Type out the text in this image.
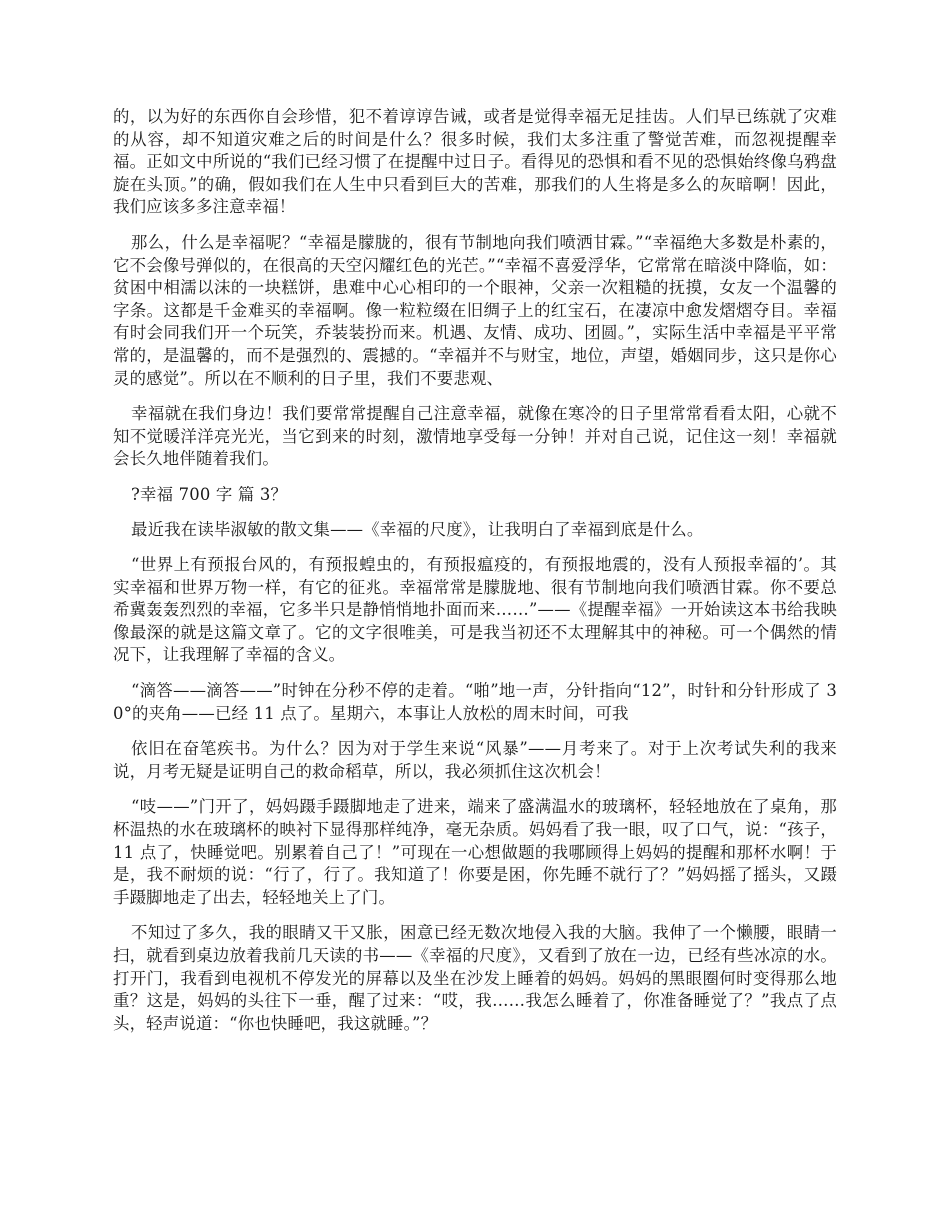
的，以为好的东西你自会珍惜，犯不着谆谆告诫，或者是觉得幸福无足挂齿。人们早已练就了灾难的从容，却不知道灾难之后的时间是什么？很多时候，我们太多注重了警觉苦难，而忽视提醒幸福。正如文中所说的“我们已经习惯了在提醒中过日子。看得见的恐惧和看不见的恐惧始终像乌鸦盘旋在头顶。”的确，假如我们在人生中只看到巨大的苦难，那我们的人生将是多么的灰暗啊！因此，我们应该多多注意幸福！

那么，什么是幸福呢？“幸福是朦胧的，很有节制地向我们喷洒甘霖。”“幸福绝大多数是朴素的，它不会像号弹似的，在很高的天空闪耀红色的光芒。”“幸福不喜爱浮华，它常常在暗淡中降临，如：贫困中相濡以沫的一块糕饼，患难中心心相印的一个眼神，父亲一次粗糙的抚摸，女友一个温馨的字条。这都是千金难买的幸福啊。像一粒粒缀在旧绸子上的红宝石，在凄凉中愈发熠熠夺目。幸福有时会同我们开一个玩笑，乔装装扮而来。机遇、友情、成功、团圆。”，实际生活中幸福是平平常常的，是温馨的，而不是强烈的、震撼的。“幸福并不与财宝，地位，声望，婚姻同步，这只是你心灵的感觉”。所以在不顺利的日子里，我们不要悲观、

幸福就在我们身边！我们要常常提醒自己注意幸福，就像在寒冷的日子里常常看看太阳，心就不知不觉暖洋洋亮光光，当它到来的时刻，激情地享受每一分钟！并对自己说，记住这一刻！幸福就会长久地伴随着我们。

?幸福 700 字 篇 3？

最近我在读毕淑敏的散文集——《幸福的尺度》，让我明白了幸福到底是什么。

“世界上有预报台风的，有预报蝗虫的，有预报瘟疫的，有预报地震的，没有人预报幸福的’。其实幸福和世界万物一样，有它的征兆。幸福常常是朦胧地、很有节制地向我们喷洒甘霖。你不要总希冀轰轰烈烈的幸福，它多半只是静悄悄地扑面而来……”——《提醒幸福》一开始读这本书给我映像最深的就是这篇文章了。它的文字很唯美，可是我当初还不太理解其中的神秘。可一个偶然的情况下，让我理解了幸福的含义。

“滴答——滴答——”时钟在分秒不停的走着。“啪”地一声，分针指向“12”，时针和分针形成了 30°的夹角——已经 11 点了。星期六，本事让人放松的周末时间，可我

依旧在奋笔疾书。为什么？因为对于学生来说“风暴”——月考来了。对于上次考试失利的我来说，月考无疑是证明自己的救命稻草，所以，我必须抓住这次机会！

“吱——”门开了，妈妈蹑手蹑脚地走了进来，端来了盛满温水的玻璃杯，轻轻地放在了桌角，那杯温热的水在玻璃杯的映衬下显得那样纯净，毫无杂质。妈妈看了我一眼，叹了口气，说：“孩子，11 点了，快睡觉吧。别累着自己了！”可现在一心想做题的我哪顾得上妈妈的提醒和那杯水啊！于是，我不耐烦的说：“行了，行了。我知道了！你要是困，你先睡不就行了？”妈妈摇了摇头，又蹑手蹑脚地走了出去，轻轻地关上了门。

不知过了多久，我的眼睛又干又胀，困意已经无数次地侵入我的大脑。我伸了一个懒腰，眼睛一扫，就看到桌边放着我前几天读的书——《幸福的尺度》，又看到了放在一边，已经有些冰凉的水。打开门，我看到电视机不停发光的屏幕以及坐在沙发上睡着的妈妈。妈妈的黑眼圈何时变得那么地重？这是，妈妈的头往下一垂，醒了过来：“哎，我……我怎么睡着了，你准备睡觉了？”我点了点头，轻声说道：“你也快睡吧，我这就睡。”？
